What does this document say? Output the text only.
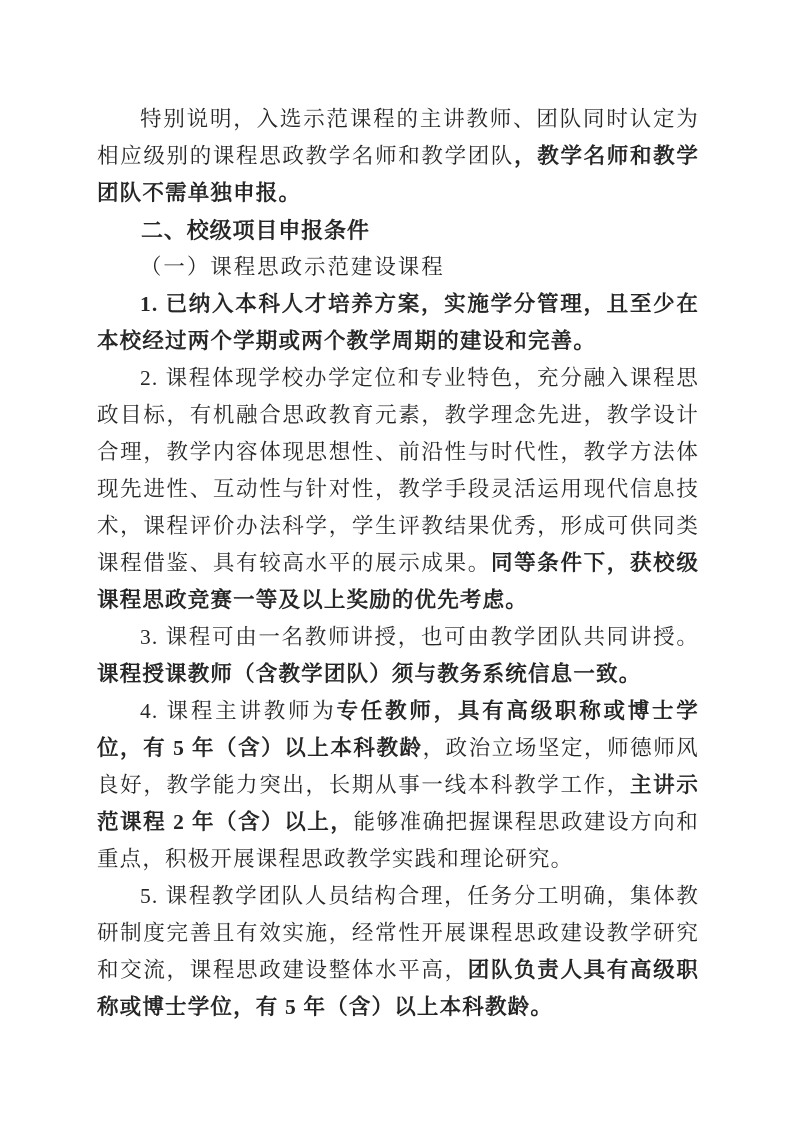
特别说明，入选示范课程的主讲教师、团队同时认定为相应级别的课程思政教学名师和教学团队，教学名师和教学团队不需单独申报。

二、校级项目申报条件

（一）课程思政示范建设课程

1. 已纳入本科人才培养方案，实施学分管理，且至少在本校经过两个学期或两个教学周期的建设和完善。

2. 课程体现学校办学定位和专业特色，充分融入课程思政目标，有机融合思政教育元素，教学理念先进，教学设计合理，教学内容体现思想性、前沿性与时代性，教学方法体现先进性、互动性与针对性，教学手段灵活运用现代信息技术，课程评价办法科学，学生评教结果优秀，形成可供同类课程借鉴、具有较高水平的展示成果。同等条件下，获校级课程思政竞赛一等及以上奖励的优先考虑。

3. 课程可由一名教师讲授，也可由教学团队共同讲授。课程授课教师（含教学团队）须与教务系统信息一致。

4. 课程主讲教师为专任教师，具有高级职称或博士学位，有 5 年（含）以上本科教龄，政治立场坚定，师德师风良好，教学能力突出，长期从事一线本科教学工作，主讲示范课程 2 年（含）以上，能够准确把握课程思政建设方向和重点，积极开展课程思政教学实践和理论研究。

5. 课程教学团队人员结构合理，任务分工明确，集体教研制度完善且有效实施，经常性开展课程思政建设教学研究和交流，课程思政建设整体水平高，团队负责人具有高级职称或博士学位，有 5 年（含）以上本科教龄。
